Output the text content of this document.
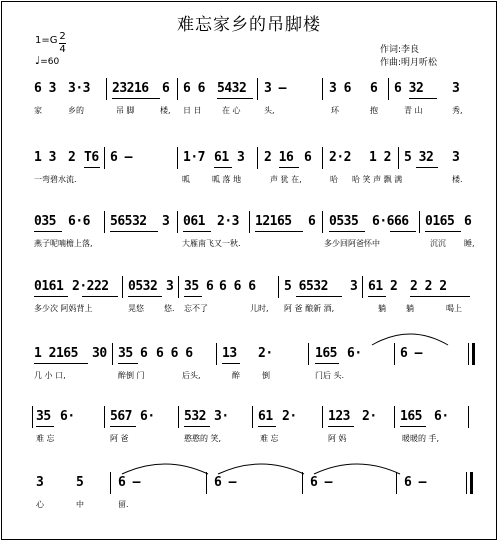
难忘家乡的吊脚楼
1=G 2
4
♩=60
作词:李良
作曲:明月听松
6 3 3·3 23216 6 6 6 5432 3 –	3 6 6 6 32 3
家	乡的	吊 脚	楼, 日 日	在 心	头,	环	抱	青 山	秀,
1 3 2 T6 6 –	1·7 61 3 2 16 6 2·2 1 2 5 32 3
一弯碧水流.	呱	呱 落 地	声 犹 在,	哈 哈 笑 声 飘 满	楼.
035 6·6 56532 3 061 2·3 12165 6 0535 6·666 0165 6
燕子呢喃檐上落,	大雁南飞又一秋.	多少回阿爸怀中	沉沉 睡,
0161 2·222 0532 3 35 6 6 6 6 5 6532 3 61 2 2 2 2
多少次 阿妈背上	晃悠	悠. 忘不了	儿时, 阿 爸 酿新 酒,	躺	躺	喝上
1 2165 30 35 6 6 6 6 13 2·	165 6·	6 –
几 小 口,	醉倒 门	后头,	醉	倒	门后 头.
35 6·	567 6· 532 3· 61 2· 123 2· 165 6·
难 忘	阿 爸	憨憨的 笑,	难 忘	阿 妈	暖暖的 手,
3	5	6 –	6 –	6 –	6 –
心	中	留.
